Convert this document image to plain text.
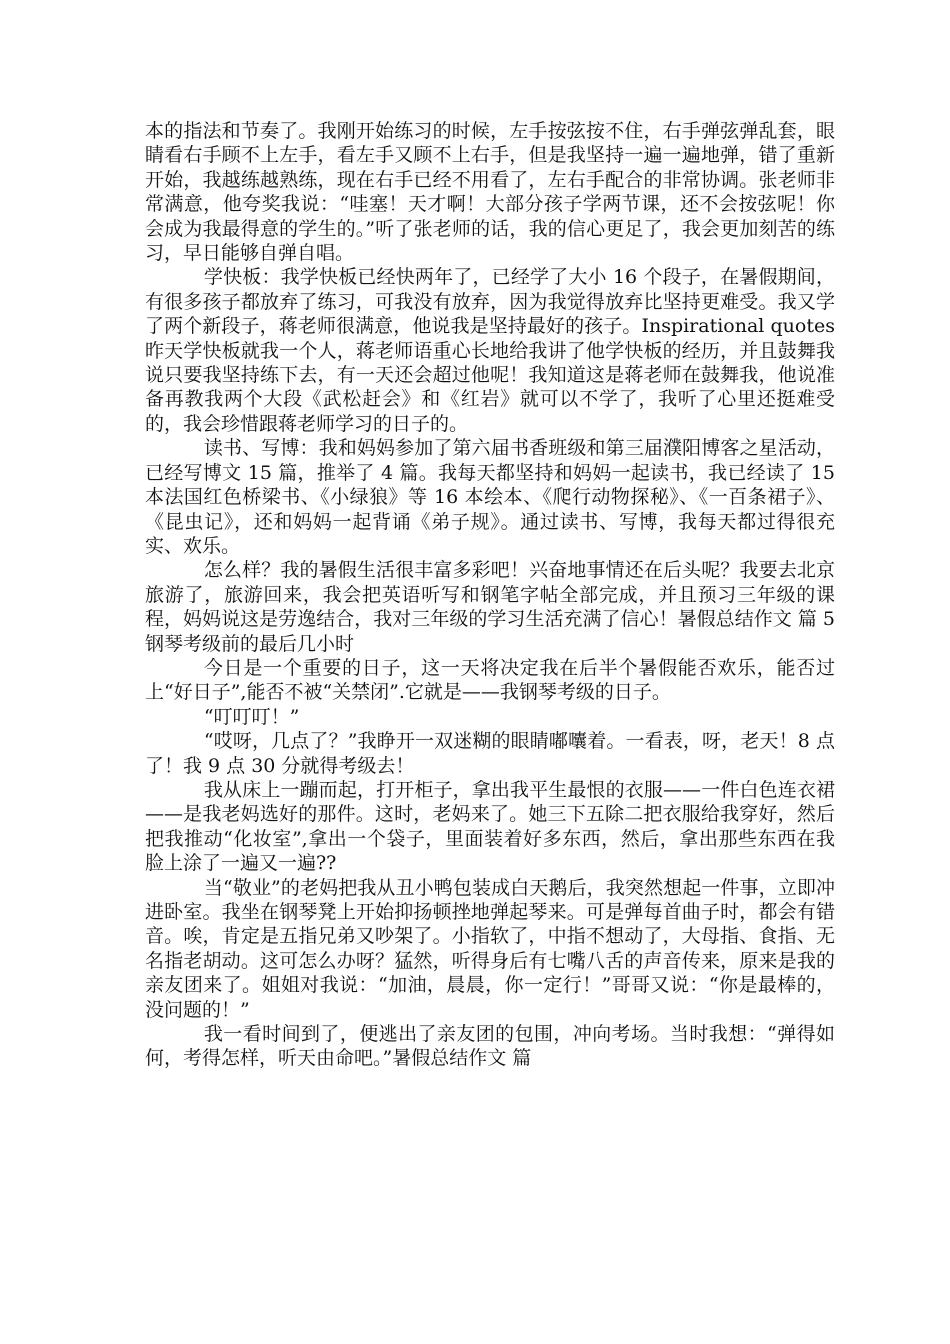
本的指法和节奏了。我刚开始练习的时候，左手按弦按不住，右手弹弦弹乱套，眼睛看右手顾不上左手，看左手又顾不上右手，但是我坚持一遍一遍地弹，错了重新开始，我越练越熟练，现在右手已经不用看了，左右手配合的非常协调。张老师非常满意，他夸奖我说：“哇塞！天才啊！大部分孩子学两节课，还不会按弦呢！你会成为我最得意的学生的。”听了张老师的话，我的信心更足了，我会更加刻苦的练习，早日能够自弹自唱。

学快板：我学快板已经快两年了，已经学了大小 16 个段子，在暑假期间，有很多孩子都放弃了练习，可我没有放弃，因为我觉得放弃比坚持更难受。我又学了两个新段子，蒋老师很满意，他说我是坚持最好的孩子。Inspirational quotes 昨天学快板就我一个人，蒋老师语重心长地给我讲了他学快板的经历，并且鼓舞我说只要我坚持练下去，有一天还会超过他呢！我知道这是蒋老师在鼓舞我，他说准备再教我两个大段《武松赶会》和《红岩》就可以不学了，我听了心里还挺难受的，我会珍惜跟蒋老师学习的日子的。

读书、写博：我和妈妈参加了第六届书香班级和第三届濮阳博客之星活动，已经写博文 15 篇，推举了 4 篇。我每天都坚持和妈妈一起读书，我已经读了 15 本法国红色桥梁书、《小绿狼》等 16 本绘本、《爬行动物探秘》、《一百条裙子》、《昆虫记》，还和妈妈一起背诵《弟子规》。通过读书、写博，我每天都过得很充实、欢乐。

怎么样？我的暑假生活很丰富多彩吧！兴奋地事情还在后头呢？我要去北京旅游了，旅游回来，我会把英语听写和钢笔字帖全部完成，并且预习三年级的课程，妈妈说这是劳逸结合，我对三年级的学习生活充满了信心！暑假总结作文 篇 5 钢琴考级前的最后几小时

今日是一个重要的日子，这一天将决定我在后半个暑假能否欢乐，能否过上“好日子”,能否不被“关禁闭”.它就是——我钢琴考级的日子。

“叮叮叮！”

“哎呀，几点了？”我睁开一双迷糊的眼睛嘟囔着。一看表，呀，老天！8 点了！我 9 点 30 分就得考级去！

我从床上一蹦而起，打开柜子，拿出我平生最恨的衣服——一件白色连衣裙——是我老妈选好的那件。这时，老妈来了。她三下五除二把衣服给我穿好，然后把我推动“化妆室”,拿出一个袋子，里面装着好多东西，然后，拿出那些东西在我脸上涂了一遍又一遍??

当“敬业”的老妈把我从丑小鸭包装成白天鹅后，我突然想起一件事，立即冲进卧室。我坐在钢琴凳上开始抑扬顿挫地弹起琴来。可是弹每首曲子时，都会有错音。唉，肯定是五指兄弟又吵架了。小指软了，中指不想动了，大母指、食指、无名指老胡动。这可怎么办呀？猛然，听得身后有七嘴八舌的声音传来，原来是我的亲友团来了。姐姐对我说：“加油，晨晨，你一定行！”哥哥又说：“你是最棒的，没问题的！”

我一看时间到了，便逃出了亲友团的包围，冲向考场。当时我想：“弹得如何，考得怎样，听天由命吧。”暑假总结作文 篇
